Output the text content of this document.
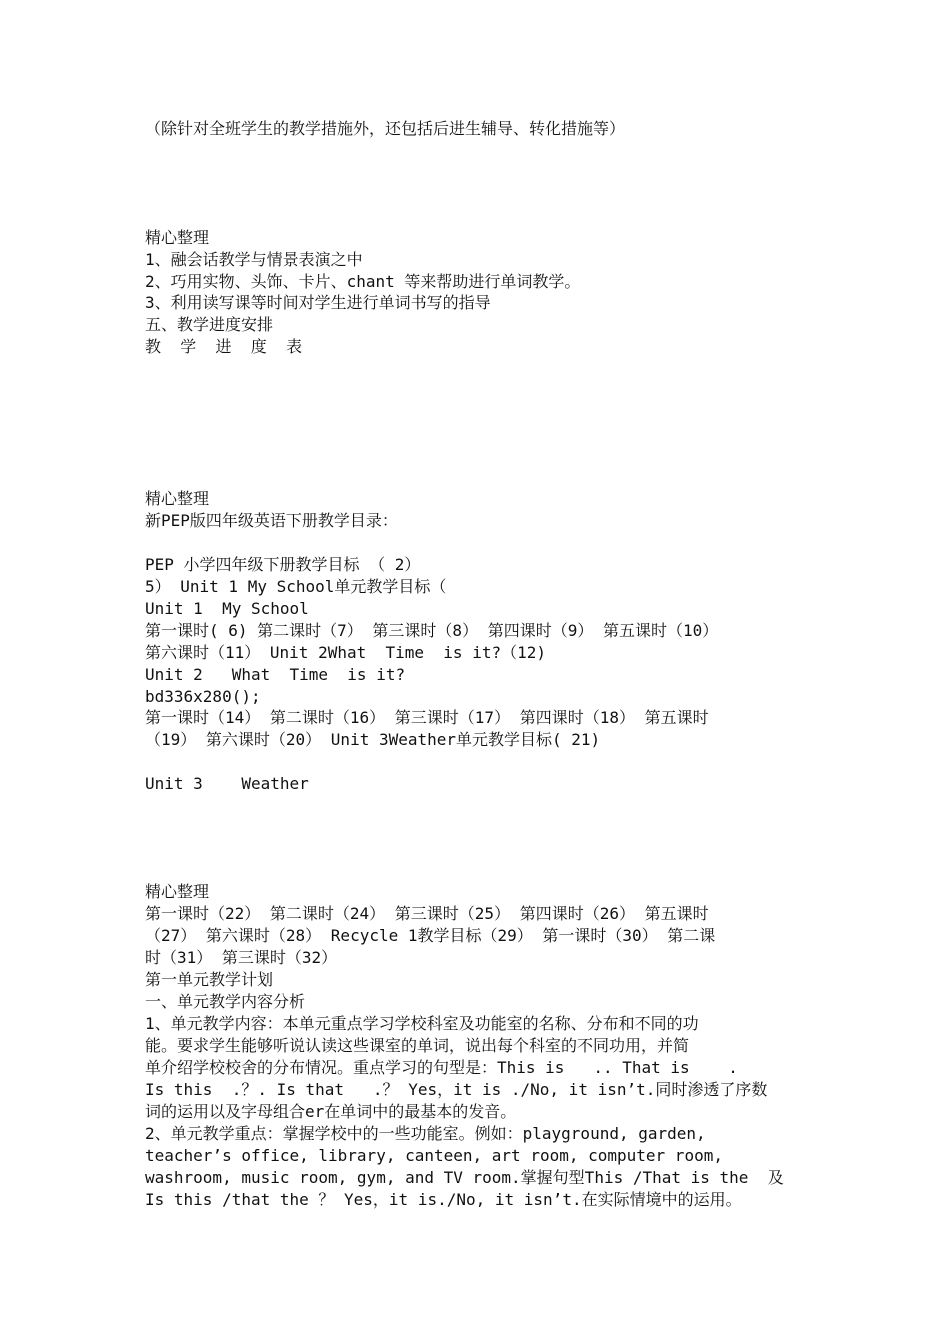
（除针对全班学生的教学措施外，还包括后进生辅导、转化措施等）
精心整理
1、融会话教学与情景表演之中
2、巧用实物、头饰、卡片、chant 等来帮助进行单词教学。
3、利用读写课等时间对学生进行单词书写的指导
五、教学进度安排
教  学  进  度  表
精心整理
新PEP版四年级英语下册教学目录：
PEP 小学四年级下册教学目标 （ 2）
5） Unit 1 My School单元教学目标（
Unit 1  My School
第一课时( 6) 第二课时（7） 第三课时（8） 第四课时（9） 第五课时（10）
第六课时（11） Unit 2What  Time  is it?（12)
Unit 2   What  Time  is it?
bd336x280();
第一课时（14） 第二课时（16） 第三课时（17） 第四课时（18） 第五课时
（19） 第六课时（20） Unit 3Weather单元教学目标( 21)
Unit 3    Weather
精心整理
第一课时（22） 第二课时（24） 第三课时（25） 第四课时（26） 第五课时
（27） 第六课时（28） Recycle 1教学目标（29） 第一课时（30） 第二课
时（31） 第三课时（32）
第一单元教学计划
一、单元教学内容分析
1、单元教学内容：本单元重点学习学校科室及功能室的名称、分布和不同的功
能。要求学生能够听说认读这些课室的单词，说出每个科室的不同功用，并简
单介绍学校校舍的分布情况。重点学习的句型是：This is   .. That is    .
Is this  .？. Is that   .？ Yes，it is ./No, it isn’t.同时渗透了序数
词的运用以及字母组合er在单词中的最基本的发音。
2、单元教学重点：掌握学校中的一些功能室。例如：playground, garden,
teacher’s office, library, canteen, art room, computer room,
washroom, music room, gym, and TV room.掌握句型This /That is the  及
Is this /that the ？ Yes，it is./No, it isn’t.在实际情境中的运用。
